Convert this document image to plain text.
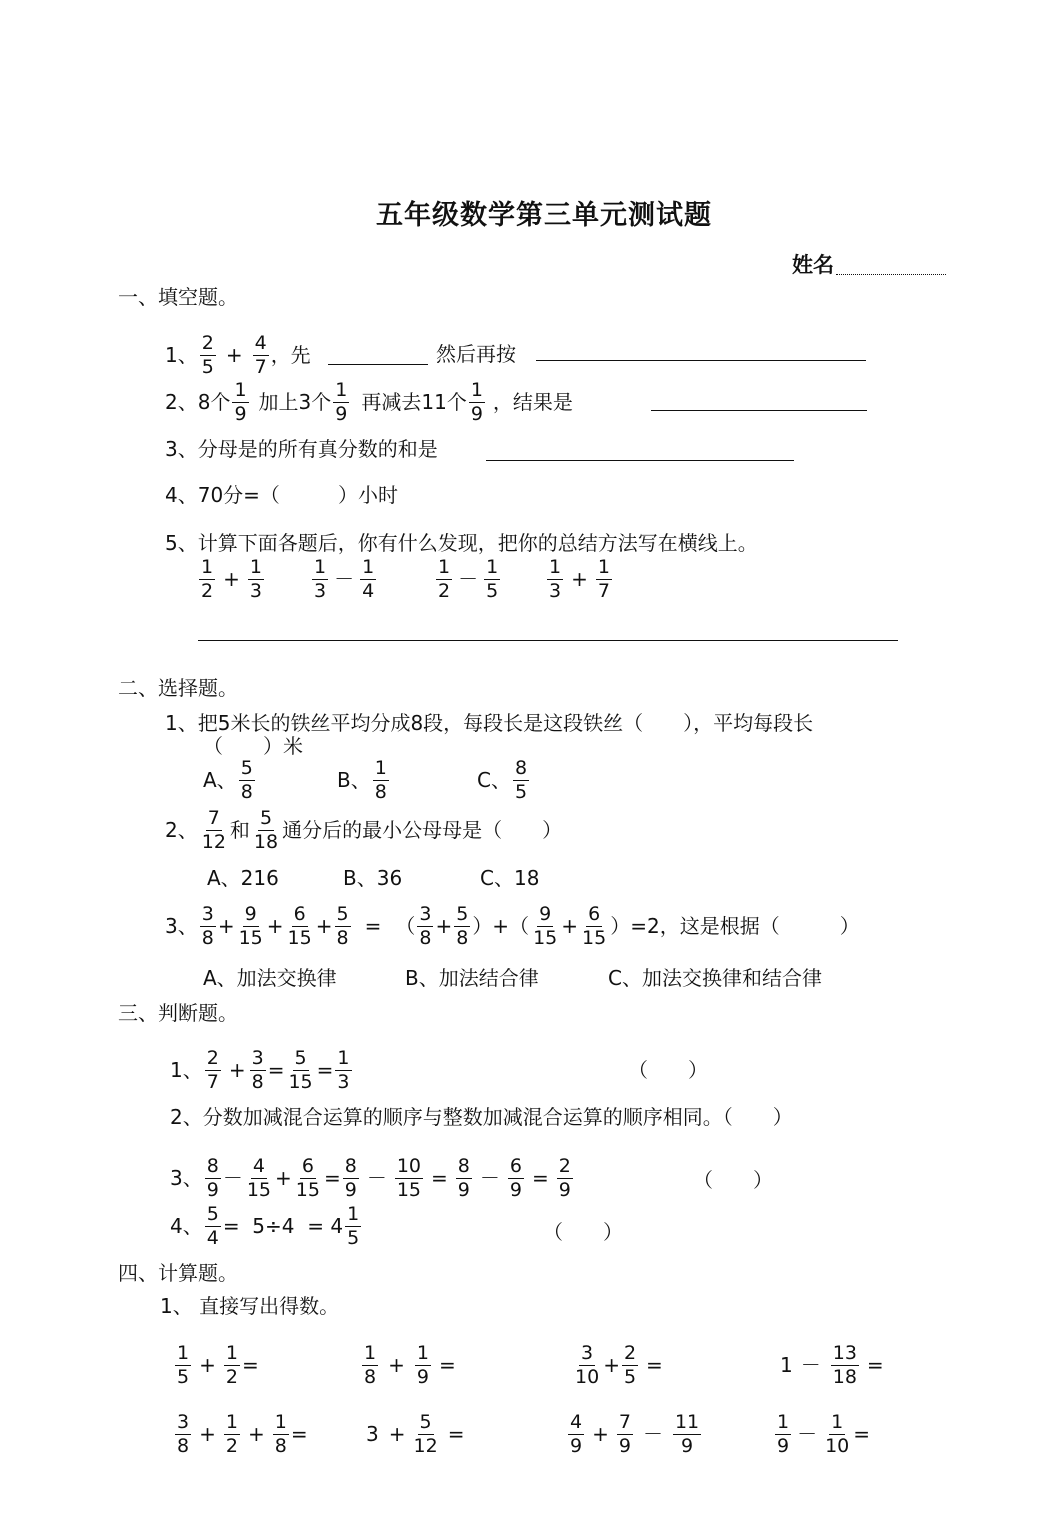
五年级数学第三单元测试题
姓名
一、填空题。
1、 $\frac{2}{5} + \frac{4}{7}$ ，先	然后再按
2、8个 $\frac{1}{9}$ 加上3个 $\frac{1}{9}$ 再减去11个 $\frac{1}{9}$ ，结果是
3、分母是的所有真分数的和是
4、70分=（	）小时
5、计算下面各题后，你有什么发现，把你的总结方法写在横线上。
$\frac{1}{2} + \frac{1}{3}$	$\frac{1}{3} - \frac{1}{4}$	$\frac{1}{2} - \frac{1}{5} \frac{1}{3} + \frac{1}{7}$
二、选择题。
1、把5米长的铁丝平均分成8段，每段长是这段铁丝（　　），平均每段长
（　　）米
A、 $\frac{5}{8}$	B、 $\frac{1}{8}$	C、 $\frac{8}{5}$
2、 $\frac{7}{12}$ 和 $\frac{5}{18}$ 通分后的最小公母母是（　　）
A、216	B、36	C、18
3、 $\frac{3}{8} + \frac{9}{15} + \frac{6}{15} + \frac{5}{8}$ = （ $\frac{3}{8} + \frac{5}{8}$ ）+（ $\frac{9}{15} + \frac{6}{15} )=2$，这是根据（　　　）
A、加法交换律	B、加法结合律	C、加法交换律和结合律
三、判断题。
1、 $\frac{2}{7} + \frac{3}{8} = \frac{5}{15} = \frac{1}{3}$	（　　）
2、分数加减混合运算的顺序与整数加减混合运算的顺序相同。（　　）
3、 $\frac{8}{9} - \frac{4}{15} + \frac{6}{15} = \frac{8}{9} - \frac{10}{15} = \frac{8}{9} - \frac{6}{9} = \frac{2}{9}$	（　　）
4、 $\frac{5}{4} = 5\div 4 = 4 \frac{1}{5}$	（　　）
四、计算题。
1、 直接写出得数。
$\frac{1}{5} + \frac{1}{2}$ =	$\frac{1}{8} + \frac{1}{9}$ =	$\frac{3}{10} + \frac{2}{5}$ =	$1 - \frac{13}{18}$ =
$\frac{3}{8} + \frac{1}{2} + \frac{1}{8}$ =	$3 + \frac{5}{12}$ =	$\frac{4}{9} + \frac{7}{9} - \frac{11}{9}$	$\frac{1}{9} - \frac{1}{10}$ =
